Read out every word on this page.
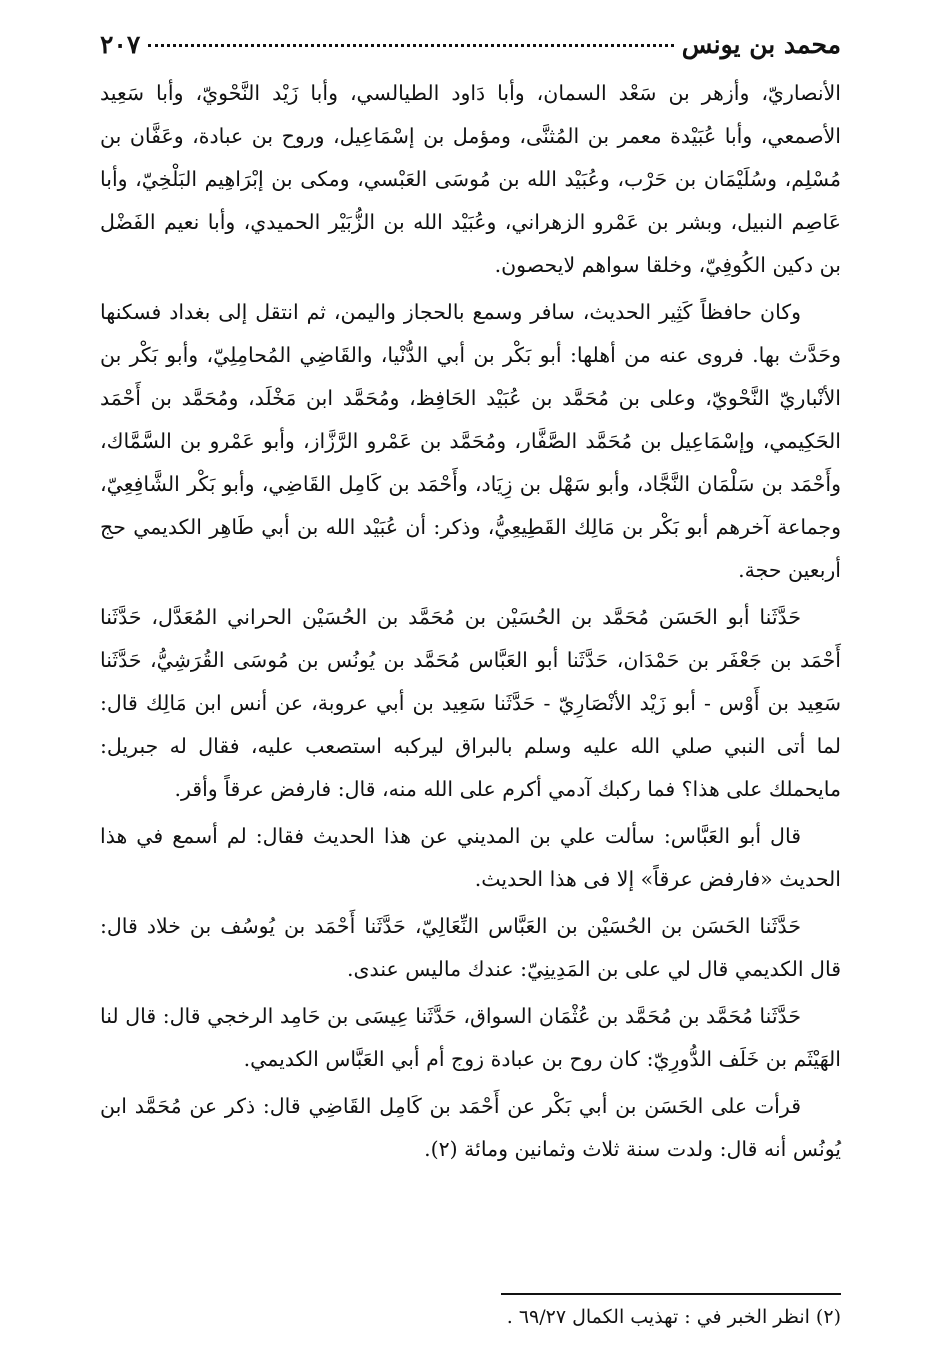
محمد بن يونس
٢٠٧

الأنصاريّ، وأزهر بن سَعْد السمان، وأبا دَاود الطيالسي، وأبا زَيْد النَّحْويّ، وأبا سَعِيد الأصمعي، وأبا عُبَيْدة معمر بن المُثنَّى، ومؤمل بن إسْمَاعِيل، وروح بن عبادة، وعَفَّان بن مُسْلِم، وسُلَيْمَان بن حَرْب، وعُبَيْد الله بن مُوسَى العَبْسي، ومكى بن إبْرَاهِيم البَلْخِيّ، وأبا عَاصِم النبيل، وبشر بن عَمْرو الزهراني، وعُبَيْد الله بن الزُّبَيْر الحميدي، وأبا نعيم الفَضْل بن دكين الكُوفِيّ، وخلقا سواهم لايحصون.

وكان حافظاً كَثِير الحديث، سافر وسمع بالحجاز واليمن، ثم انتقل إلى بغداد فسكنها وحَدَّث بها. فروى عنه من أهلها: أبو بَكْر بن أبي الدُّنْيا، والقَاضِي المُحامِلِيّ، وأبو بَكْر بن الأنْباريّ النَّحْويّ، وعلى بن مُحَمَّد بن عُبَيْد الحَافِظ، ومُحَمَّد ابن مَخْلَد، ومُحَمَّد بن أَحْمَد الحَكِيمي، وإسْمَاعِيل بن مُحَمَّد الصَّفَّار، ومُحَمَّد بن عَمْرو الرَّزَّاز، وأبو عَمْرو بن السَّمَّاك، وأَحْمَد بن سَلْمَان النَّجَّاد، وأبو سَهْل بن زِيَاد، وأَحْمَد بن كَامِل القَاضِي، وأبو بَكْر الشَّافِعِيّ، وجماعة آخرهم أبو بَكْر بن مَالِك القَطِيعِيُّ، وذكر: أن عُبَيْد الله بن أبي طَاهِر الكديمي حج أربعين حجة.

حَدَّثَنا أبو الحَسَن مُحَمَّد بن الحُسَيْن بن مُحَمَّد بن الحُسَيْن الحراني المُعَدَّل، حَدَّثَنا أَحْمَد بن جَعْفَر بن حَمْدَان، حَدَّثَنا أبو العَبَّاس مُحَمَّد بن يُونُس بن مُوسَى القُرَشِيُّ، حَدَّثَنا سَعِيد بن أَوْس - أبو زَيْد الأنْصَارِيّ - حَدَّثَنا سَعِيد بن أبي عروبة، عن أنس ابن مَالِك قال: لما أتى النبي صلي الله عليه وسلم بالبراق ليركبه استصعب عليه، فقال له جبريل: مايحملك على هذا؟ فما ركبك آدمي أكرم على الله منه، قال: فارفض عرقاً وأقر.

قال أبو العَبَّاس: سألت علي بن المديني عن هذا الحديث فقال: لم أسمع في هذا الحديث «فارفض عرقاً» إلا فى هذا الحديث.

حَدَّثَنا الحَسَن بن الحُسَيْن بن العَبَّاس النِّعَالِيّ، حَدَّثَنا أَحْمَد بن يُوسُف بن خلاد قال: قال الكديمي قال لي على بن المَدِينِيّ: عندك ماليس عندى.

حَدَّثَنا مُحَمَّد بن مُحَمَّد بن عُثْمَان السواق، حَدَّثَنا عِيسَى بن حَامِد الرخجي قال: قال لنا الهَيْثَم بن خَلَف الدُّورِيّ: كان روح بن عبادة زوج أم أبي العَبَّاس الكديمي.

قرأت على الحَسَن بن أبي بَكْر عن أَحْمَد بن كَامِل القَاضِي قال: ذكر عن مُحَمَّد ابن يُونُس أنه قال: ولدت سنة ثلاث وثمانين ومائة (٢).

(٢) انظر الخبر في : تهذيب الكمال ٦٩/٢٧ .
